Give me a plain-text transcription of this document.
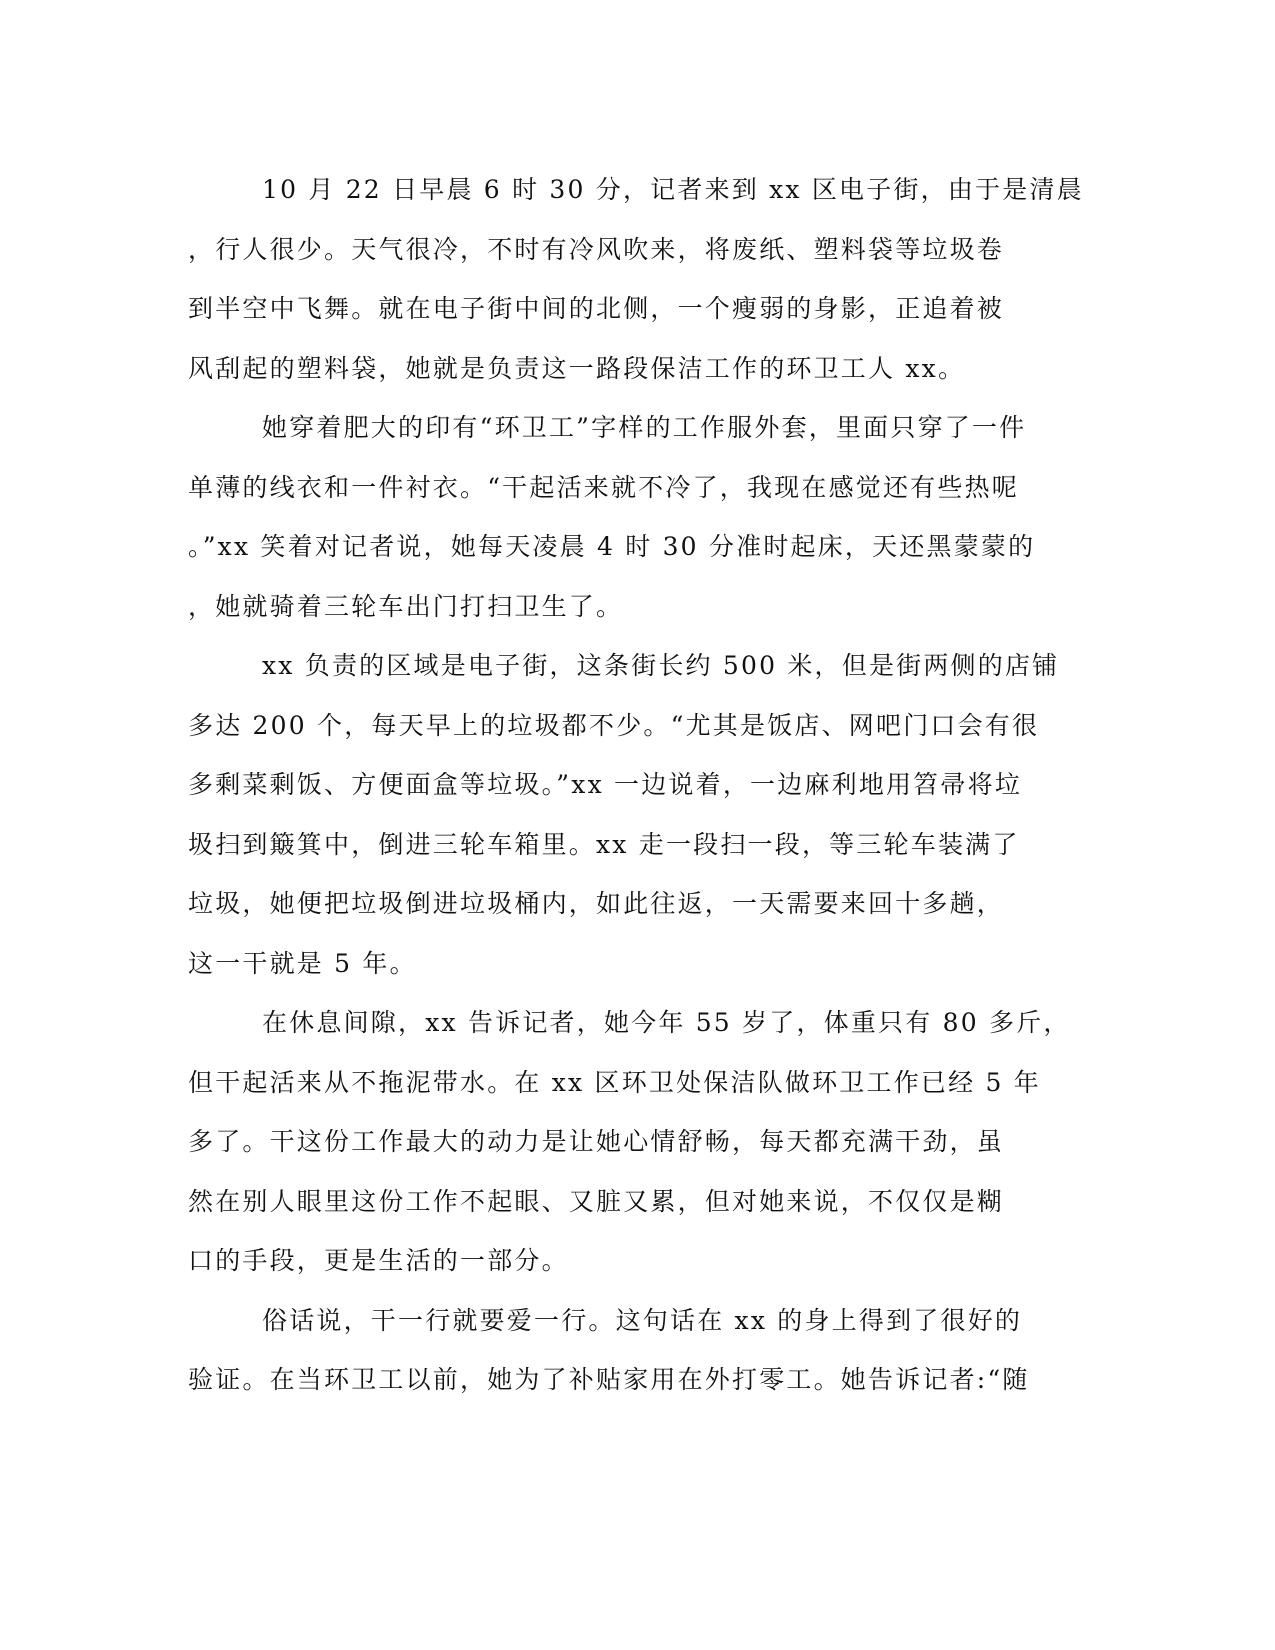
10 月 22 日早晨 6 时 30 分，记者来到 xx 区电子街，由于是清晨
，行人很少。天气很冷，不时有冷风吹来，将废纸、塑料袋等垃圾卷
到半空中飞舞。就在电子街中间的北侧，一个瘦弱的身影，正追着被
风刮起的塑料袋，她就是负责这一路段保洁工作的环卫工人 xx。
她穿着肥大的印有“环卫工”字样的工作服外套，里面只穿了一件
单薄的线衣和一件衬衣。“干起活来就不冷了，我现在感觉还有些热呢
。”xx 笑着对记者说，她每天凌晨 4 时 30 分准时起床，天还黑蒙蒙的
，她就骑着三轮车出门打扫卫生了。
xx 负责的区域是电子街，这条街长约 500 米，但是街两侧的店铺
多达 200 个，每天早上的垃圾都不少。“尤其是饭店、网吧门口会有很
多剩菜剩饭、方便面盒等垃圾。”xx 一边说着，一边麻利地用笤帚将垃
圾扫到簸箕中，倒进三轮车箱里。xx 走一段扫一段，等三轮车装满了
垃圾，她便把垃圾倒进垃圾桶内，如此往返，一天需要来回十多趟，
这一干就是 5 年。
在休息间隙，xx 告诉记者，她今年 55 岁了，体重只有 80 多斤，
但干起活来从不拖泥带水。在 xx 区环卫处保洁队做环卫工作已经 5 年
多了。干这份工作最大的动力是让她心情舒畅，每天都充满干劲，虽
然在别人眼里这份工作不起眼、又脏又累，但对她来说，不仅仅是糊
口的手段，更是生活的一部分。
俗话说，干一行就要爱一行。这句话在 xx 的身上得到了很好的
验证。在当环卫工以前，她为了补贴家用在外打零工。她告诉记者:“随
